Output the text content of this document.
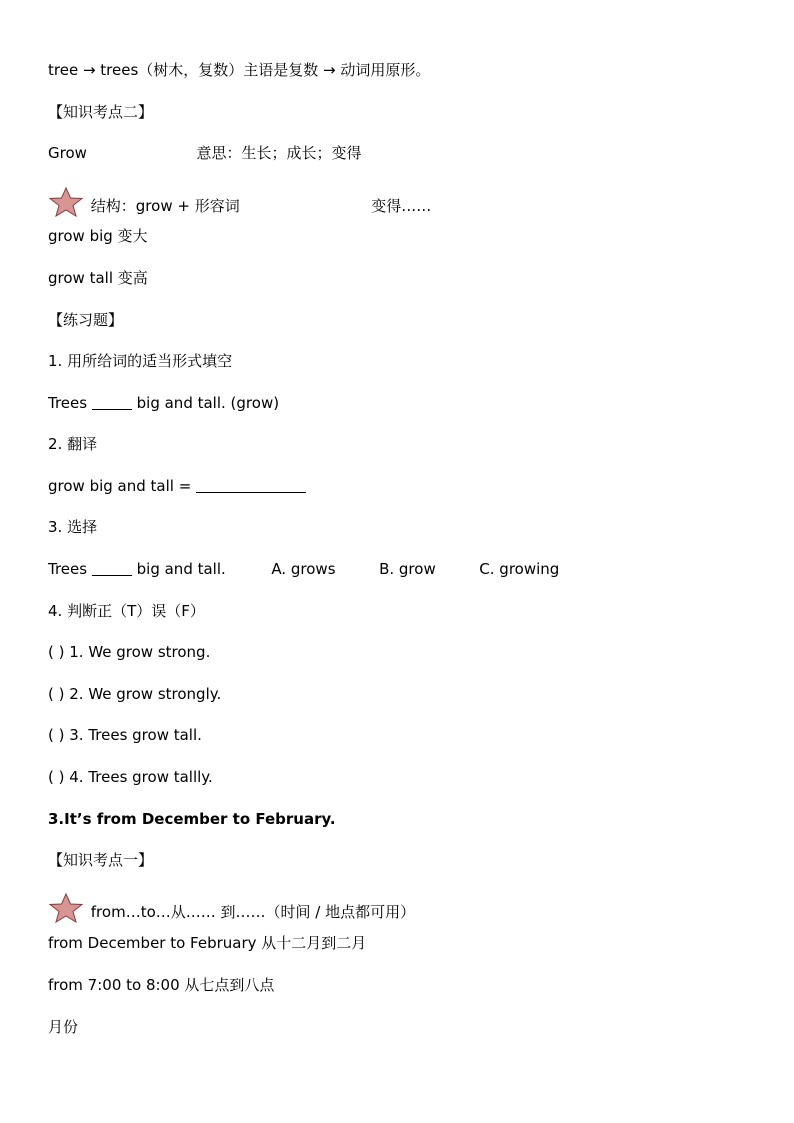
tree → trees（树木，复数）主语是复数 → 动词用原形。
【知识考点二】
Grow	意思：生长；成长；变得
结构：grow + 形容词	变得……
grow big 变大
grow tall 变高
【练习题】
1. 用所给词的适当形式填空
Trees	big and tall. (grow)
2. 翻译
grow big and tall =
3. 选择
Trees	big and tall.	A. grows	B. grow	C. growing
4. 判断正（T）误（F）
( ) 1. We grow strong.
( ) 2. We grow strongly.
( ) 3. Trees grow tall.
( ) 4. Trees grow tallly.
3.It’s from December to February.
【知识考点一】
from…to…从…… 到……（时间 / 地点都可用）
from December to February 从十二月到二月
from 7:00 to 8:00 从七点到八点
月份
